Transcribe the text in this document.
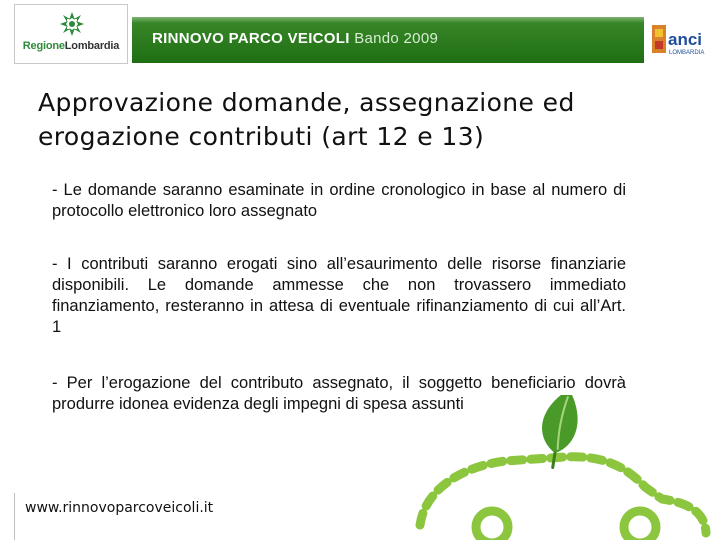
RegioneLombardia	RINNOVO PARCO VEICOLI Bando 2009	anci
LOMBARDIA
Approvazione domande, assegnazione ed
erogazione contributi (art 12 e 13)
- Le domande saranno esaminate in ordine cronologico in base al numero di protocollo elettronico loro assegnato
- I contributi saranno erogati sino all’esaurimento delle risorse finanziarie disponibili. Le domande ammesse che non trovassero immediato finanziamento, resteranno in attesa di eventuale rifinanziamento di cui all’Art. 1
- Per l’erogazione del contributo assegnato, il soggetto beneficiario dovrà produrre idonea evidenza degli impegni di spesa assunti
www.rinnovoparcoveicoli.it
